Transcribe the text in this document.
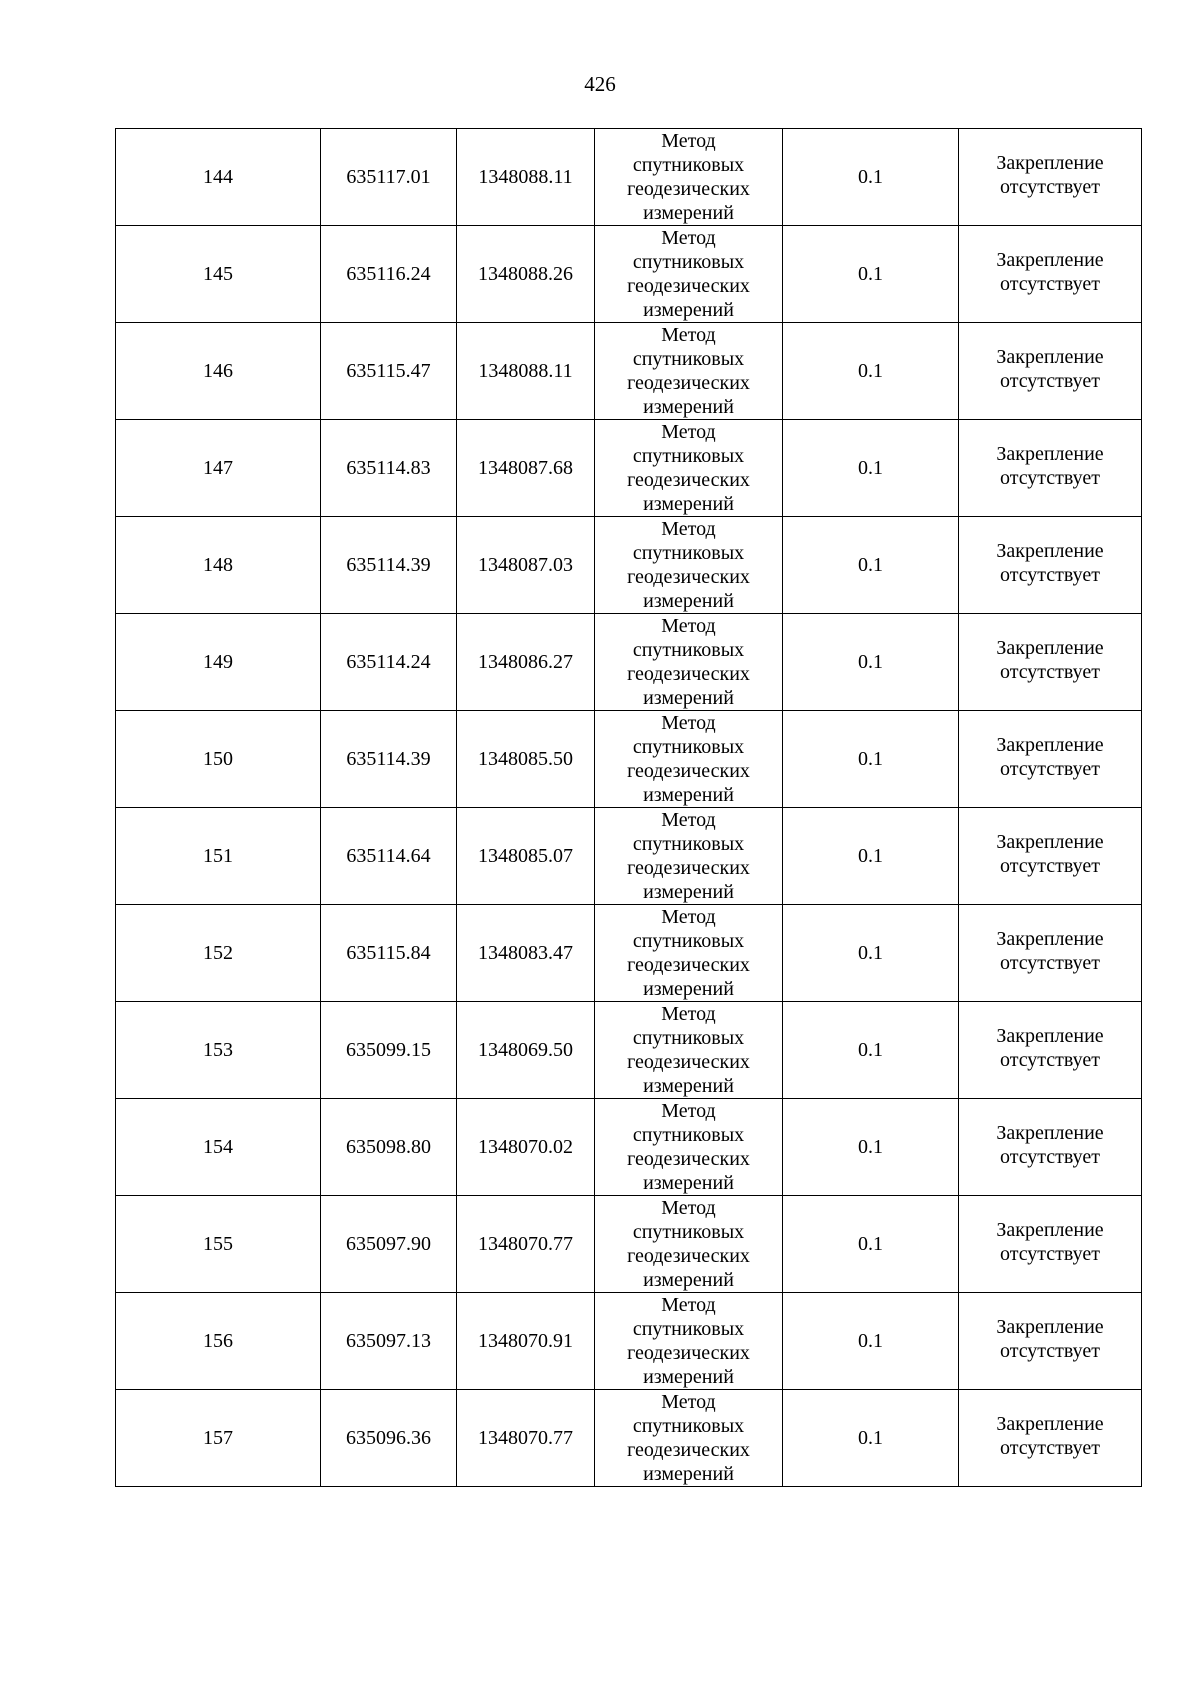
426
144	635117.01	1348088.11	Метод
спутниковых
геодезических
измерений	0.1	Закрепление
отсутствует

145	635116.24	1348088.26	Метод
спутниковых
геодезических
измерений	0.1	Закрепление
отсутствует

146	635115.47	1348088.11	Метод
спутниковых
геодезических
измерений	0.1	Закрепление
отсутствует

147	635114.83	1348087.68	Метод
спутниковых
геодезических
измерений	0.1	Закрепление
отсутствует

148	635114.39	1348087.03	Метод
спутниковых
геодезических
измерений	0.1	Закрепление
отсутствует

149	635114.24	1348086.27	Метод
спутниковых
геодезических
измерений	0.1	Закрепление
отсутствует

150	635114.39	1348085.50	Метод
спутниковых
геодезических
измерений	0.1	Закрепление
отсутствует

151	635114.64	1348085.07	Метод
спутниковых
геодезических
измерений	0.1	Закрепление
отсутствует

152	635115.84	1348083.47	Метод
спутниковых
геодезических
измерений	0.1	Закрепление
отсутствует

153	635099.15	1348069.50	Метод
спутниковых
геодезических
измерений	0.1	Закрепление
отсутствует

154	635098.80	1348070.02	Метод
спутниковых
геодезических
измерений	0.1	Закрепление
отсутствует

155	635097.90	1348070.77	Метод
спутниковых
геодезических
измерений	0.1	Закрепление
отсутствует

156	635097.13	1348070.91	Метод
спутниковых
геодезических
измерений	0.1	Закрепление
отсутствует

157	635096.36	1348070.77	Метод
спутниковых
геодезических
измерений	0.1	Закрепление
отсутствует
